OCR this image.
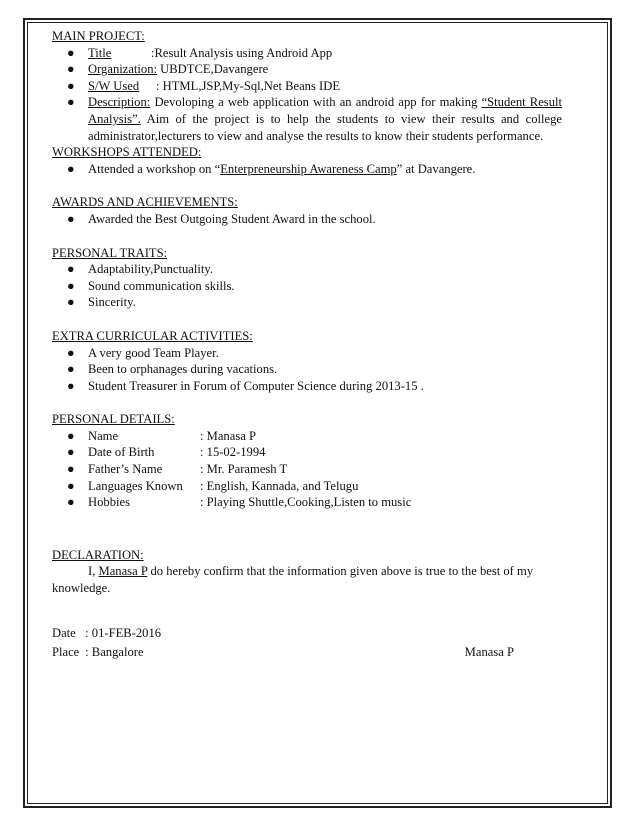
MAIN PROJECT:

● Title	:Result Analysis using Android App
● Organization: UBDTCE,Davangere
● S/W Used : HTML,JSP,My-Sql,Net Beans IDE
● Description: Devoloping a web application with an android app for making “Student Result Analysis”. Aim of the project is to help the students to view their results and college administrator,lecturers to view and analyse the results to know their students performance.

WORKSHOPS ATTENDED:

● Attended a workshop on “Enterpreneurship Awareness Camp” at Davangere.

AWARDS AND ACHIEVEMENTS:

● Awarded the Best Outgoing Student Award in the school.

PERSONAL TRAITS:

● Adaptability,Punctuality.
● Sound communication skills.
● Sincerity.

EXTRA CURRICULAR ACTIVITIES:

● A very good Team Player.
● Been to orphanages during vacations.
● Student Treasurer in Forum of Computer Science during 2013-15 .

PERSONAL DETAILS:

● Name	: Manasa P
● Date of Birth	: 15-02-1994
● Father’s Name	: Mr. Paramesh T
● Languages Known : English, Kannada, and Telugu
● Hobbies	: Playing Shuttle,Cooking,Listen to music

DECLARATION:

I, Manasa P do hereby confirm that the information given above is true to the best of my knowledge.

Date : 01-FEB-2016
Place : Bangalore	Manasa P
